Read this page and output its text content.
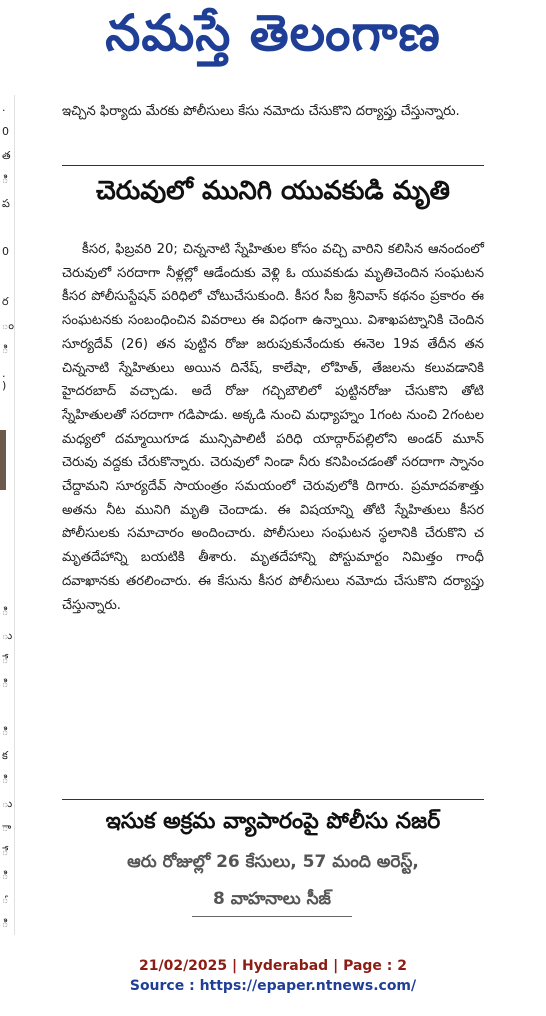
నమస్తే తెలంగాణ
.
0
త
ి
ప
0
ర
ం
ి
.
)
ి
ు
ే
ి
ి
క
ి
ు
ా
ే
ి
ౕ
ి

ఇచ్చిన ఫిర్యాదు మేరకు పోలీసులు కేసు నమోదు చేసుకొని దర్యాప్తు చేస్తున్నారు.

చెరువులో మునిగి యువకుడి మృతి

కీసర, ఫిబ్రవరి 20; చిన్ననాటి స్నేహితుల కోసం వచ్చి వారిని కలిసిన ఆనందంలో చెరువులో సరదాగా నీళ్లల్లో ఆడేందుకు వెళ్లి ఓ యువకుడు మృతిచెందిన సంఘటన కీసర పోలీసుస్టేషన్ పరిధిలో చోటుచేసుకుంది. కీసర సీఐ శ్రీనివాస్ కథనం ప్రకారం ఈ సంఘటనకు సంబంధించిన వివరాలు ఈ విధంగా ఉన్నాయి. విశాఖపట్నానికి చెందిన సూర్యదేవ్ (26) తన పుట్టిన రోజు జరుపుకునేందుకు ఈనెల 19వ తేదీన తన చిన్ననాటి స్నేహితులు అయిన దినేష్, కాలేషా, లోహిత్, తేజలను కలువడానికి హైదరబాద్ వచ్చాడు. అదే రోజు గచ్చిబౌలిలో పుట్టినరోజు చేసుకొని తోటి స్నేహితులతో సరదాగా గడిపాడు. అక్కడి నుంచి మధ్యాహ్నం 1గంట నుంచి 2గంటల మధ్యలో దమ్మాయిగూడ మున్సిపాలిటీ పరిధి యాద్గార్‌పల్లిలోని అండర్ మూన్ చెరువు వద్దకు చేరుకొన్నారు. చెరువులో నిండా నీరు కనిపించడంతో సరదాగా స్నానం చేద్దామని సూర్యదేవ్ సాయంత్రం సమయంలో చెరువులోకి దిగారు. ప్రమాదవశాత్తు అతను నీట మునిగి మృతి చెందాడు. ఈ విషయాన్ని తోటి స్నేహితులు కీసర పోలీసులకు సమాచారం అందించారు. పోలీసులు సంఘటన స్థలానికి చేరుకొని చ మృతదేహాన్ని బయటికి తీశారు. మృతదేహాన్ని పోస్టుమార్టం నిమిత్తం గాంధీ దవాఖానకు తరలించారు. ఈ కేసును కీసర పోలీసులు నమోదు చేసుకొని దర్యాప్తు చేస్తున్నారు.

ఇసుక అక్రమ వ్యాపారంపై పోలీసు నజర్
ఆరు రోజుల్లో 26 కేసులు, 57 మంది అరెస్ట్,
8 వాహనాలు సీజ్
21/02/2025 | Hyderabad | Page : 2
Source : https://epaper.ntnews.com/
